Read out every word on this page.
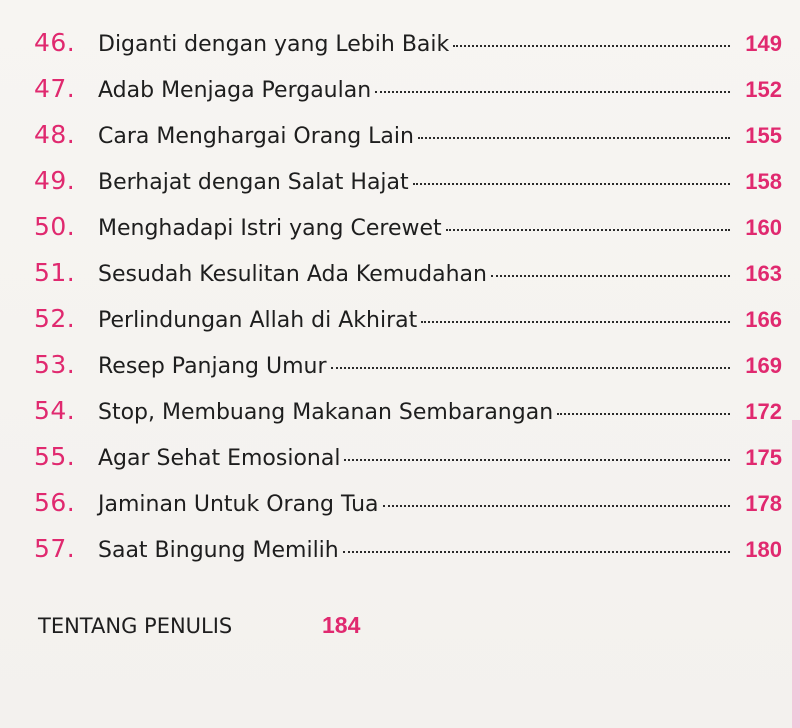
46.	Diganti dengan yang Lebih Baik	149
47.	Adab Menjaga Pergaulan	152
48.	Cara Menghargai Orang Lain	155
49.	Berhajat dengan Salat Hajat	158
50.	Menghadapi Istri yang Cerewet	160
51.	Sesudah Kesulitan Ada Kemudahan	163
52.	Perlindungan Allah di Akhirat	166
53.	Resep Panjang Umur	169
54.	Stop, Membuang Makanan Sembarangan	172
55.	Agar Sehat Emosional	175
56.	Jaminan Untuk Orang Tua	178
57.	Saat Bingung Memilih	180
TENTANG PENULIS	184
